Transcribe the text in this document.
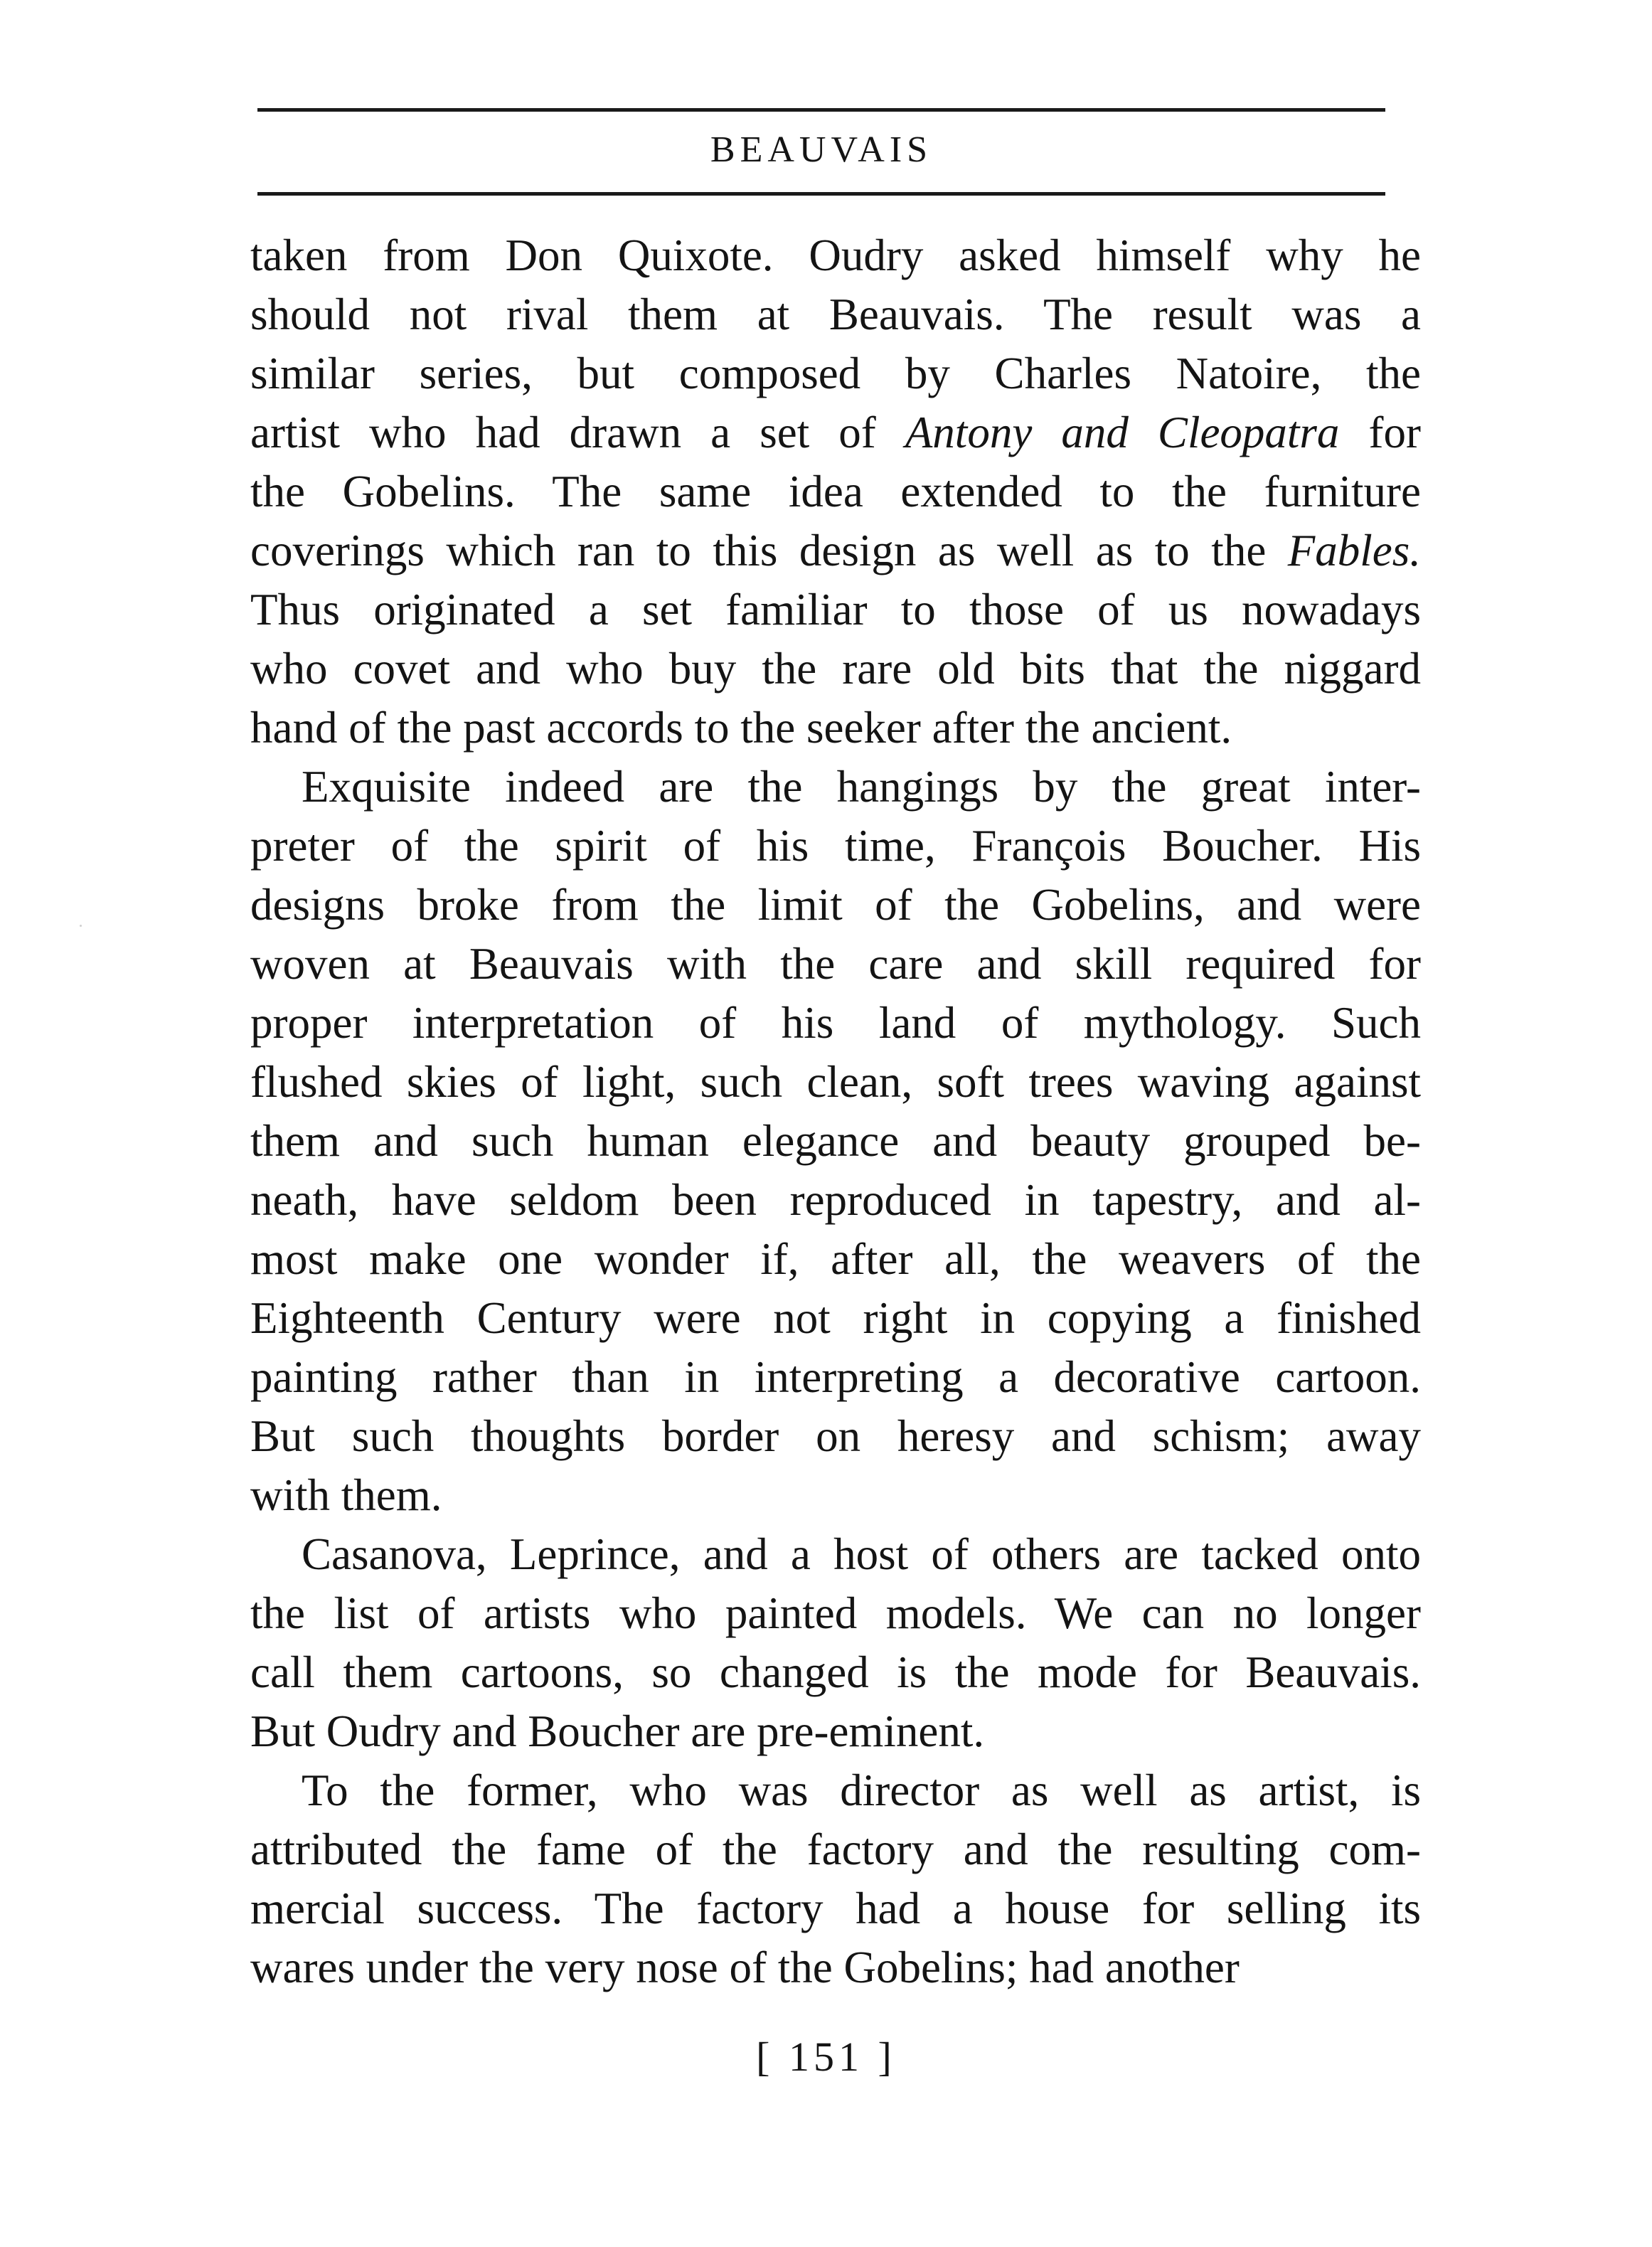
BEAUVAIS
taken from Don Quixote. Oudry asked himself why he
should not rival them at Beauvais. The result was a
similar series, but composed by Charles Natoire, the
artist who had drawn a set of Antony and Cleopatra for
the Gobelins. The same idea extended to the furniture
coverings which ran to this design as well as to the Fables.
Thus originated a set familiar to those of us nowadays
who covet and who buy the rare old bits that the niggard
hand of the past accords to the seeker after the ancient.
Exquisite indeed are the hangings by the great inter-
preter of the spirit of his time, François Boucher. His
designs broke from the limit of the Gobelins, and were
woven at Beauvais with the care and skill required for
proper interpretation of his land of mythology. Such
flushed skies of light, such clean, soft trees waving against
them and such human elegance and beauty grouped be-
neath, have seldom been reproduced in tapestry, and al-
most make one wonder if, after all, the weavers of the
Eighteenth Century were not right in copying a finished
painting rather than in interpreting a decorative cartoon.
But such thoughts border on heresy and schism; away
with them.
Casanova, Leprince, and a host of others are tacked onto
the list of artists who painted models. We can no longer
call them cartoons, so changed is the mode for Beauvais.
But Oudry and Boucher are pre-eminent.
To the former, who was director as well as artist, is
attributed the fame of the factory and the resulting com-
mercial success. The factory had a house for selling its
wares under the very nose of the Gobelins; had another
[ 151 ]
